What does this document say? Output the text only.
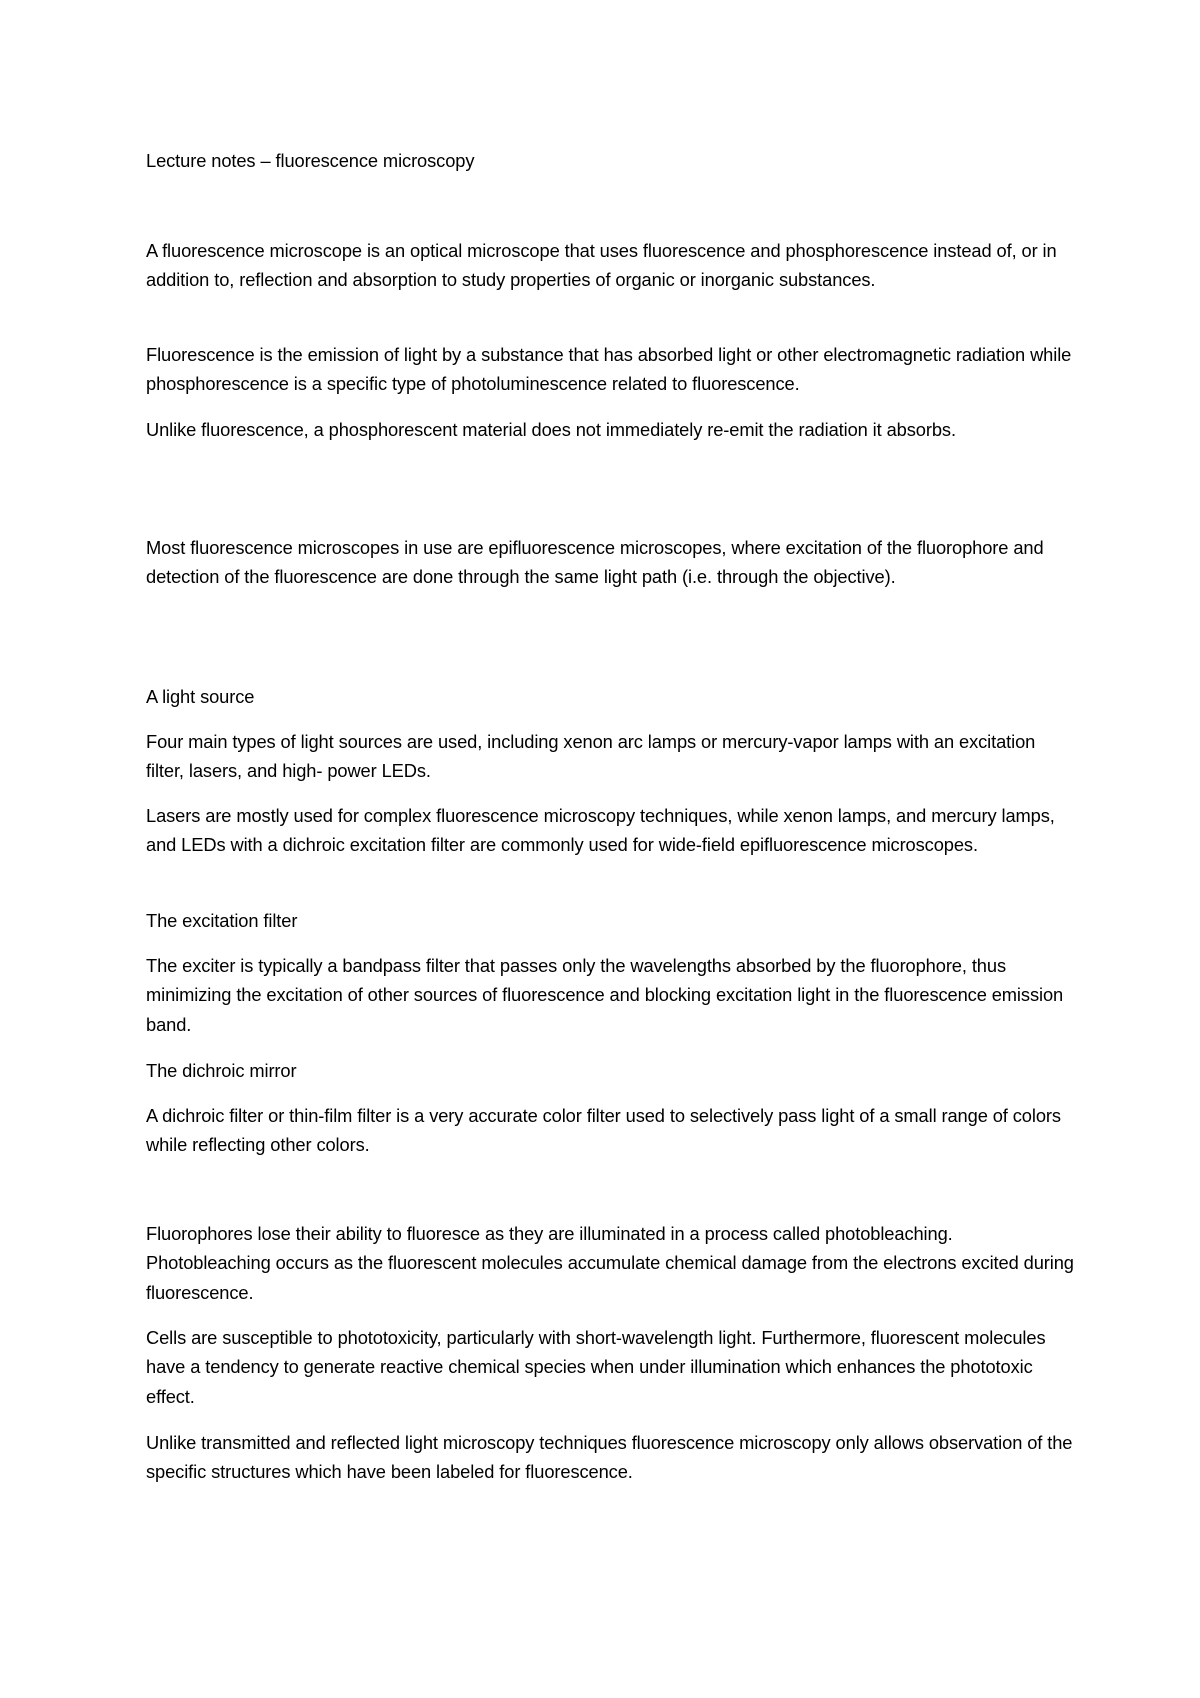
Lecture notes – fluorescence microscopy

A fluorescence microscope is an optical microscope that uses fluorescence and phosphorescence instead of, or in addition to, reflection and absorption to study properties of organic or inorganic substances.

Fluorescence is the emission of light by a substance that has absorbed light or other electromagnetic radiation while phosphorescence is a specific type of photoluminescence related to fluorescence.

Unlike fluorescence, a phosphorescent material does not immediately re-emit the radiation it absorbs.

Most fluorescence microscopes in use are epifluorescence microscopes, where excitation of the fluorophore and detection of the fluorescence are done through the same light path (i.e. through the objective).

A light source

Four main types of light sources are used, including xenon arc lamps or mercury-vapor lamps with an excitation filter, lasers, and high- power LEDs.

Lasers are mostly used for complex fluorescence microscopy techniques, while xenon lamps, and mercury lamps, and LEDs with a dichroic excitation filter are commonly used for wide-field epifluorescence microscopes.

The excitation filter

The exciter is typically a bandpass filter that passes only the wavelengths absorbed by the fluorophore, thus minimizing the excitation of other sources of fluorescence and blocking excitation light in the fluorescence emission band.

The dichroic mirror

A dichroic filter or thin-film filter is a very accurate color filter used to selectively pass light of a small range of colors while reflecting other colors.

Fluorophores lose their ability to fluoresce as they are illuminated in a process called photobleaching. Photobleaching occurs as the fluorescent molecules accumulate chemical damage from the electrons excited during fluorescence.

Cells are susceptible to phototoxicity, particularly with short-wavelength light. Furthermore, fluorescent molecules have a tendency to generate reactive chemical species when under illumination which enhances the phototoxic effect.

Unlike transmitted and reflected light microscopy techniques fluorescence microscopy only allows observation of the specific structures which have been labeled for fluorescence.
